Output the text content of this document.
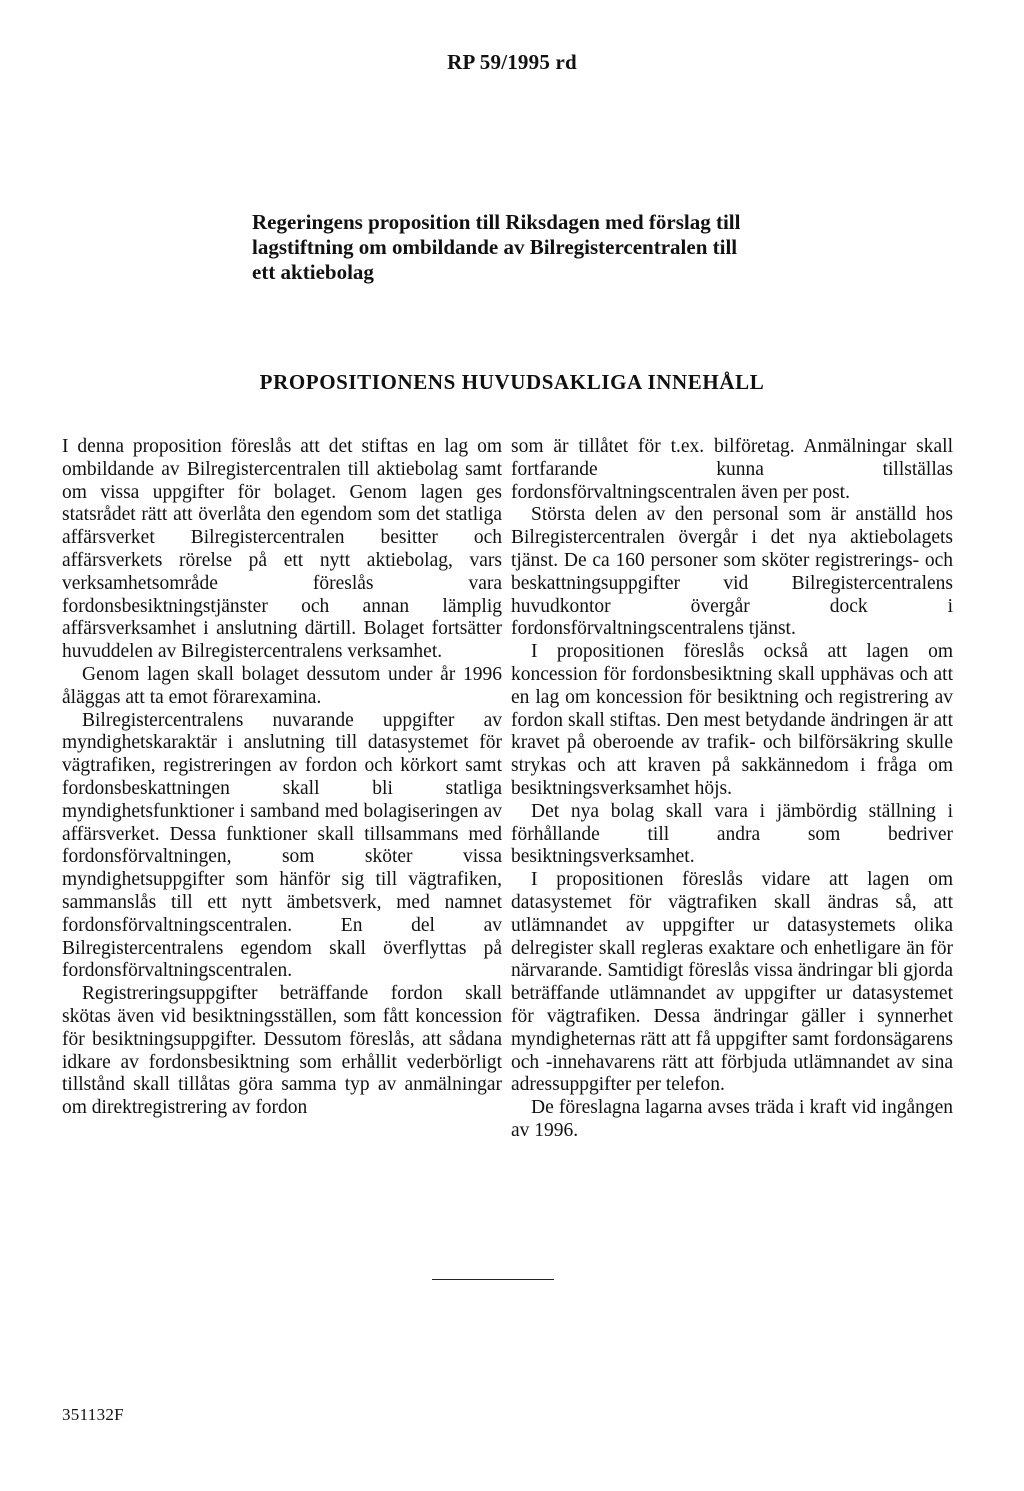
RP 59/1995 rd
Regeringens proposition till Riksdagen med förslag till lagstiftning om ombildande av Bilregistercentralen till ett aktiebolag
PROPOSITIONENS HUVUDSAKLIGA INNEHÅLL

I denna proposition föreslås att det stiftas en lag om ombildande av Bilregistercentralen till aktiebolag samt om vissa uppgifter för bolaget. Genom lagen ges statsrådet rätt att överlåta den egendom som det statliga affärsverket Bilregistercentralen besitter och affärsverkets rörelse på ett nytt aktiebolag, vars verksamhetsområde föreslås vara fordonsbesiktningstjänster och annan lämplig affärsverksamhet i anslutning därtill. Bolaget fortsätter huvuddelen av Bilregistercentralens verksamhet.

Genom lagen skall bolaget dessutom under år 1996 åläggas att ta emot förarexamina.

Bilregistercentralens nuvarande uppgifter av myndighetskaraktär i anslutning till datasystemet för vägtrafiken, registreringen av fordon och körkort samt fordonsbeskattningen skall bli statliga myndighetsfunktioner i samband med bolagiseringen av affärsverket. Dessa funktioner skall tillsammans med fordonsförvaltningen, som sköter vissa myndighetsuppgifter som hänför sig till vägtrafiken, sammanslås till ett nytt ämbetsverk, med namnet fordonsförvaltningscentralen. En del av Bilregistercentralens egendom skall överflyttas på fordonsförvaltningscentralen.

Registreringsuppgifter beträffande fordon skall skötas även vid besiktningsställen, som fått koncession för besiktningsuppgifter. Dessutom föreslås, att sådana idkare av fordonsbesiktning som erhållit vederbörligt tillstånd skall tillåtas göra samma typ av anmälningar om direktregistrering av fordon

som är tillåtet för t.ex. bilföretag. Anmälningar skall fortfarande kunna tillställas fordonsförvaltningscentralen även per post.

Största delen av den personal som är anställd hos Bilregistercentralen övergår i det nya aktiebolagets tjänst. De ca 160 personer som sköter registrerings- och beskattningsuppgifter vid Bilregistercentralens huvudkontor övergår dock i fordonsförvaltningscentralens tjänst.

I propositionen föreslås också att lagen om koncession för fordonsbesiktning skall upphävas och att en lag om koncession för besiktning och registrering av fordon skall stiftas. Den mest betydande ändringen är att kravet på oberoende av trafik- och bilförsäkring skulle strykas och att kraven på sakkännedom i fråga om besiktningsverksamhet höjs.

Det nya bolag skall vara i jämbördig ställning i förhållande till andra som bedriver besiktningsverksamhet.

I propositionen föreslås vidare att lagen om datasystemet för vägtrafiken skall ändras så, att utlämnandet av uppgifter ur datasystemets olika delregister skall regleras exaktare och enhetligare än för närvarande. Samtidigt föreslås vissa ändringar bli gjorda beträffande utlämnandet av uppgifter ur datasystemet för vägtrafiken. Dessa ändringar gäller i synnerhet myndigheternas rätt att få uppgifter samt fordonsägarens och -innehavarens rätt att förbjuda utlämnandet av sina adressuppgifter per telefon.

De föreslagna lagarna avses träda i kraft vid ingången av 1996.

351132F
